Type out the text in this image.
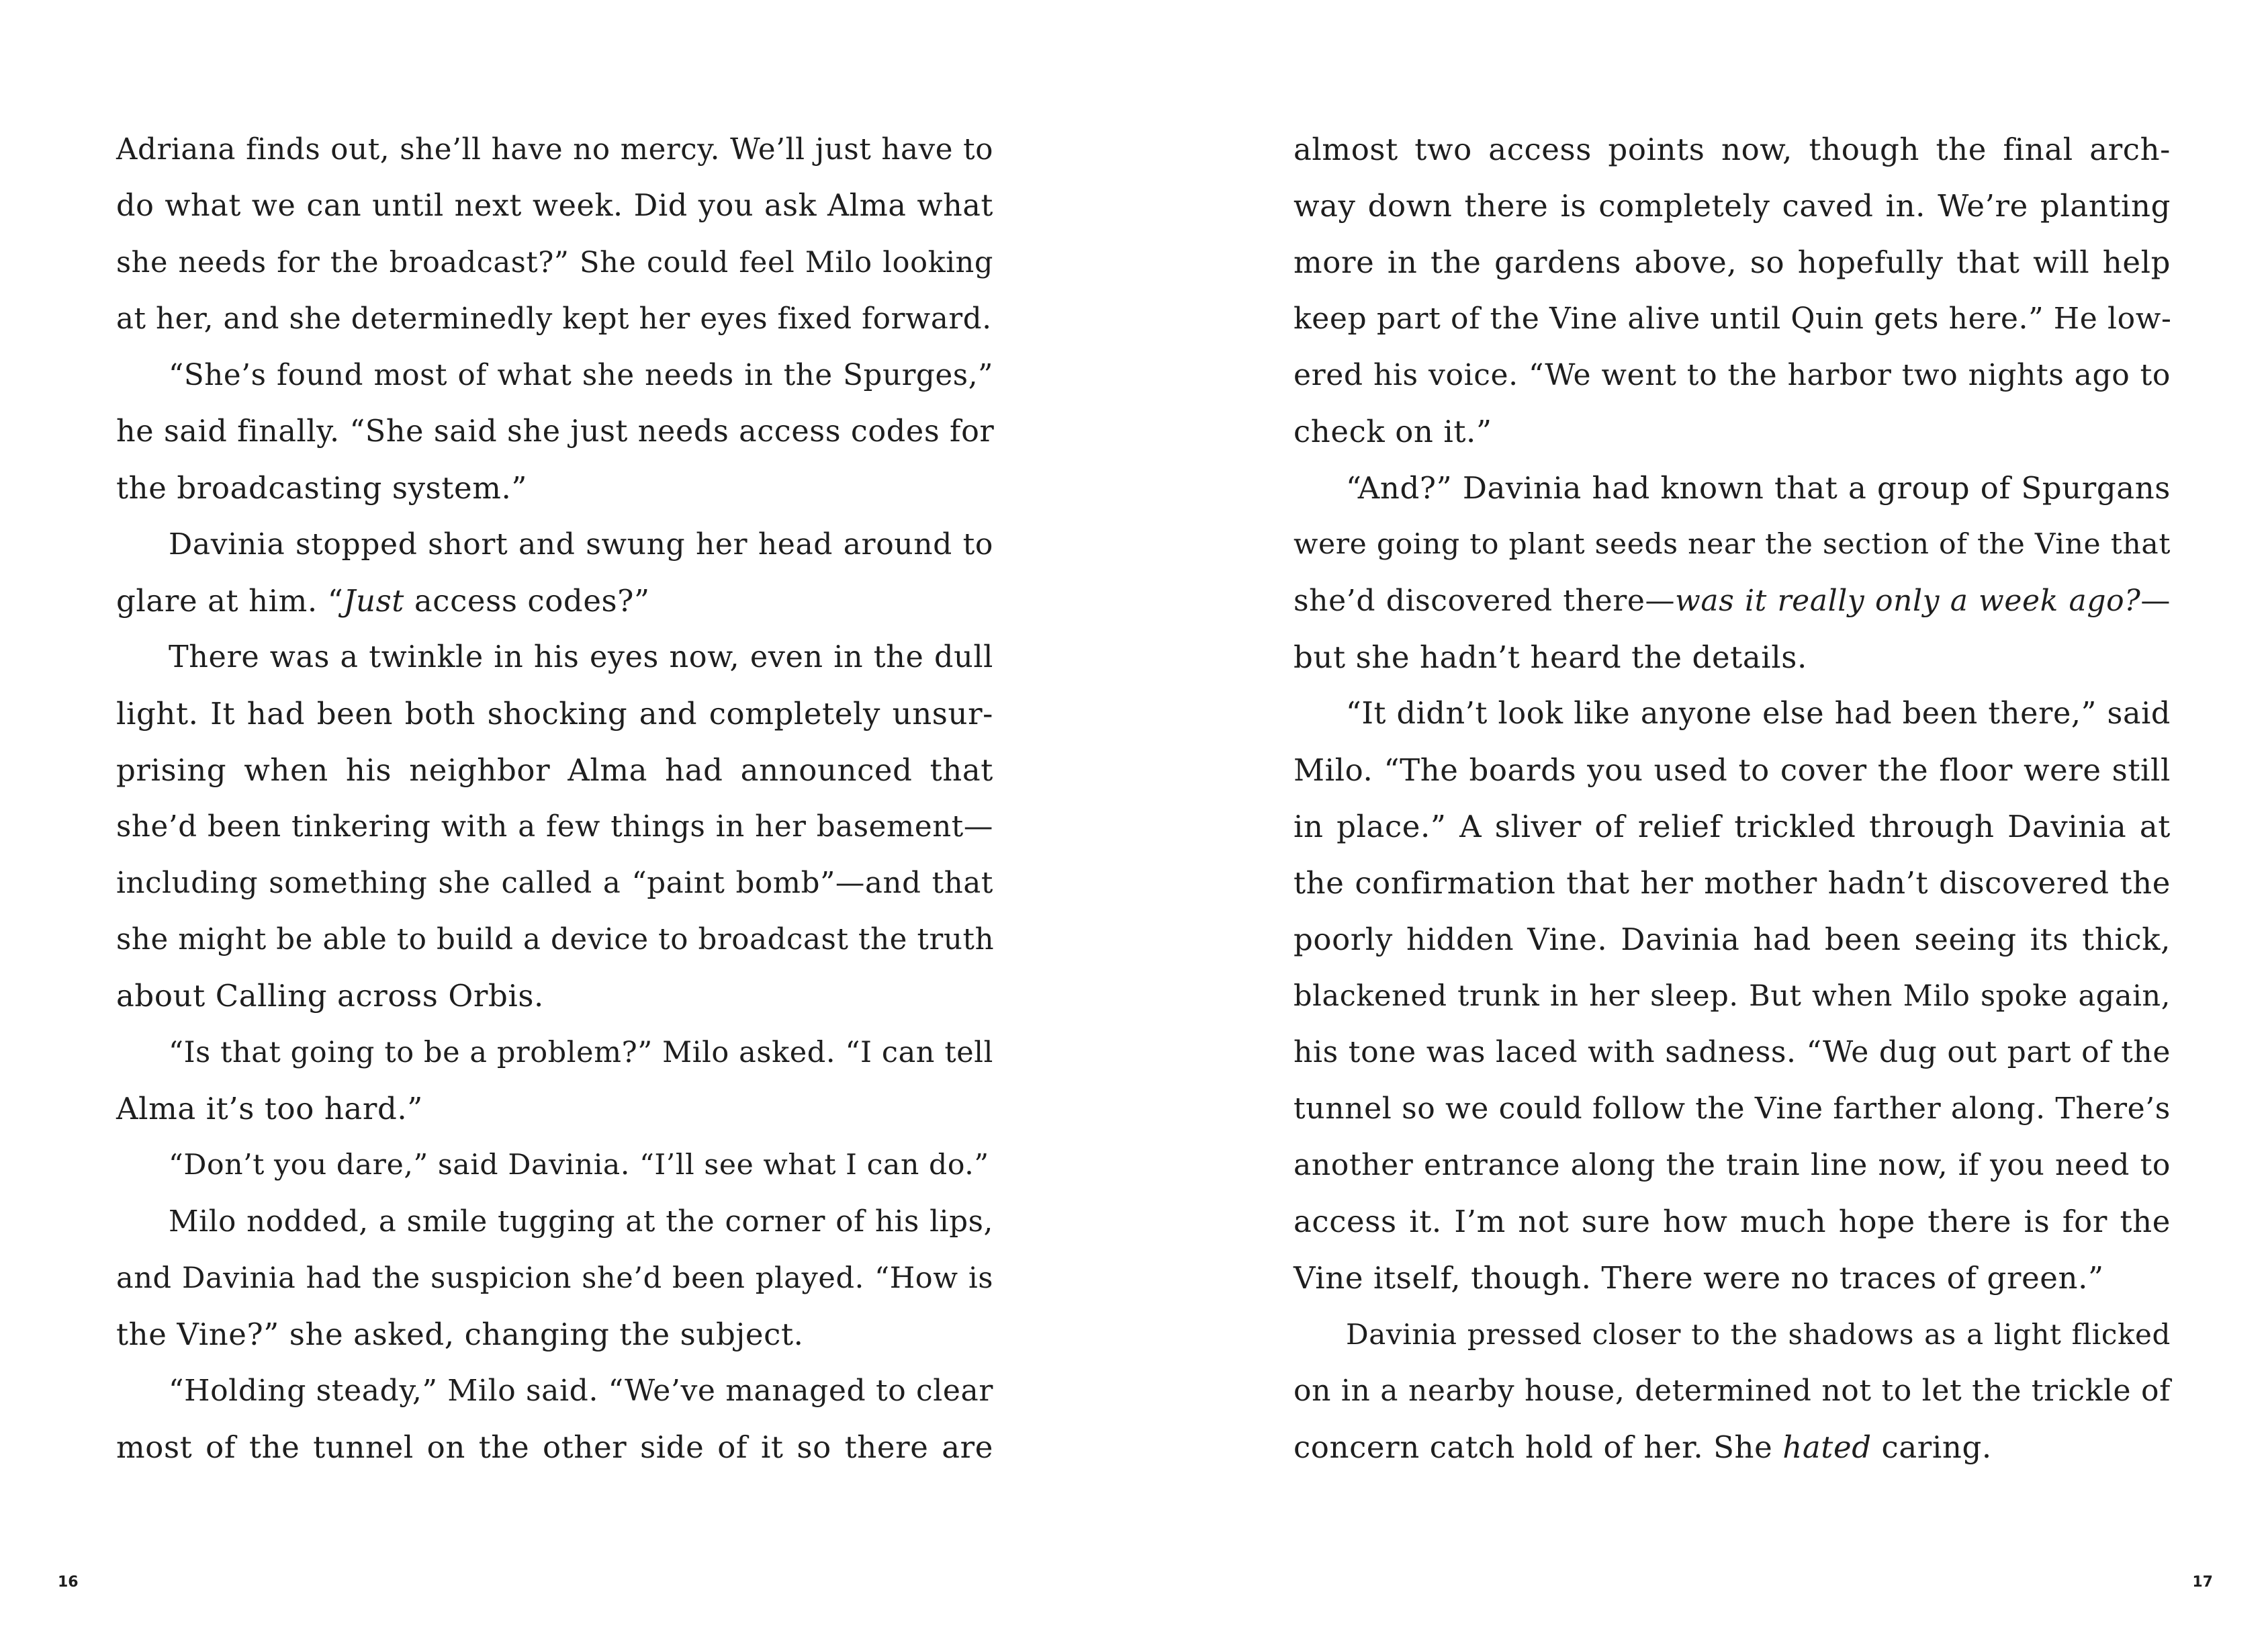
Adriana finds out, she’ll have no mercy. We’ll just have to
do what we can until next week. Did you ask Alma what
she needs for the broadcast?” She could feel Milo looking
at her, and she determinedly kept her eyes fixed forward.
“She’s found most of what she needs in the Spurges,”
he said finally. “She said she just needs access codes for
the broadcasting system.”
Davinia stopped short and swung her head around to
glare at him. “Just access codes?”
There was a twinkle in his eyes now, even in the dull
light. It had been both shocking and completely unsur-
prising when his neighbor Alma had announced that
she’d been tinkering with a few things in her basement—
including something she called a “paint bomb”—and that
she might be able to build a device to broadcast the truth
about Calling across Orbis.
“Is that going to be a problem?” Milo asked. “I can tell
Alma it’s too hard.”
“Don’t you dare,” said Davinia. “I’ll see what I can do.”
Milo nodded, a smile tugging at the corner of his lips,
and Davinia had the suspicion she’d been played. “How is
the Vine?” she asked, changing the subject.
“Holding steady,” Milo said. “We’ve managed to clear
most of the tunnel on the other side of it so there are
16
almost two access points now, though the final arch-
way down there is completely caved in. We’re planting
more in the gardens above, so hopefully that will help
keep part of the Vine alive until Quin gets here.” He low-
ered his voice. “We went to the harbor two nights ago to
check on it.”
“And?” Davinia had known that a group of Spurgans
were going to plant seeds near the section of the Vine that
she’d discovered there—was it really only a week ago?—
but she hadn’t heard the details.
“It didn’t look like anyone else had been there,” said
Milo. “The boards you used to cover the floor were still
in place.” A sliver of relief trickled through Davinia at
the confirmation that her mother hadn’t discovered the
poorly hidden Vine. Davinia had been seeing its thick,
blackened trunk in her sleep. But when Milo spoke again,
his tone was laced with sadness. “We dug out part of the
tunnel so we could follow the Vine farther along. There’s
another entrance along the train line now, if you need to
access it. I’m not sure how much hope there is for the
Vine itself, though. There were no traces of green.”
Davinia pressed closer to the shadows as a light flicked
on in a nearby house, determined not to let the trickle of
concern catch hold of her. She hated caring.
17
